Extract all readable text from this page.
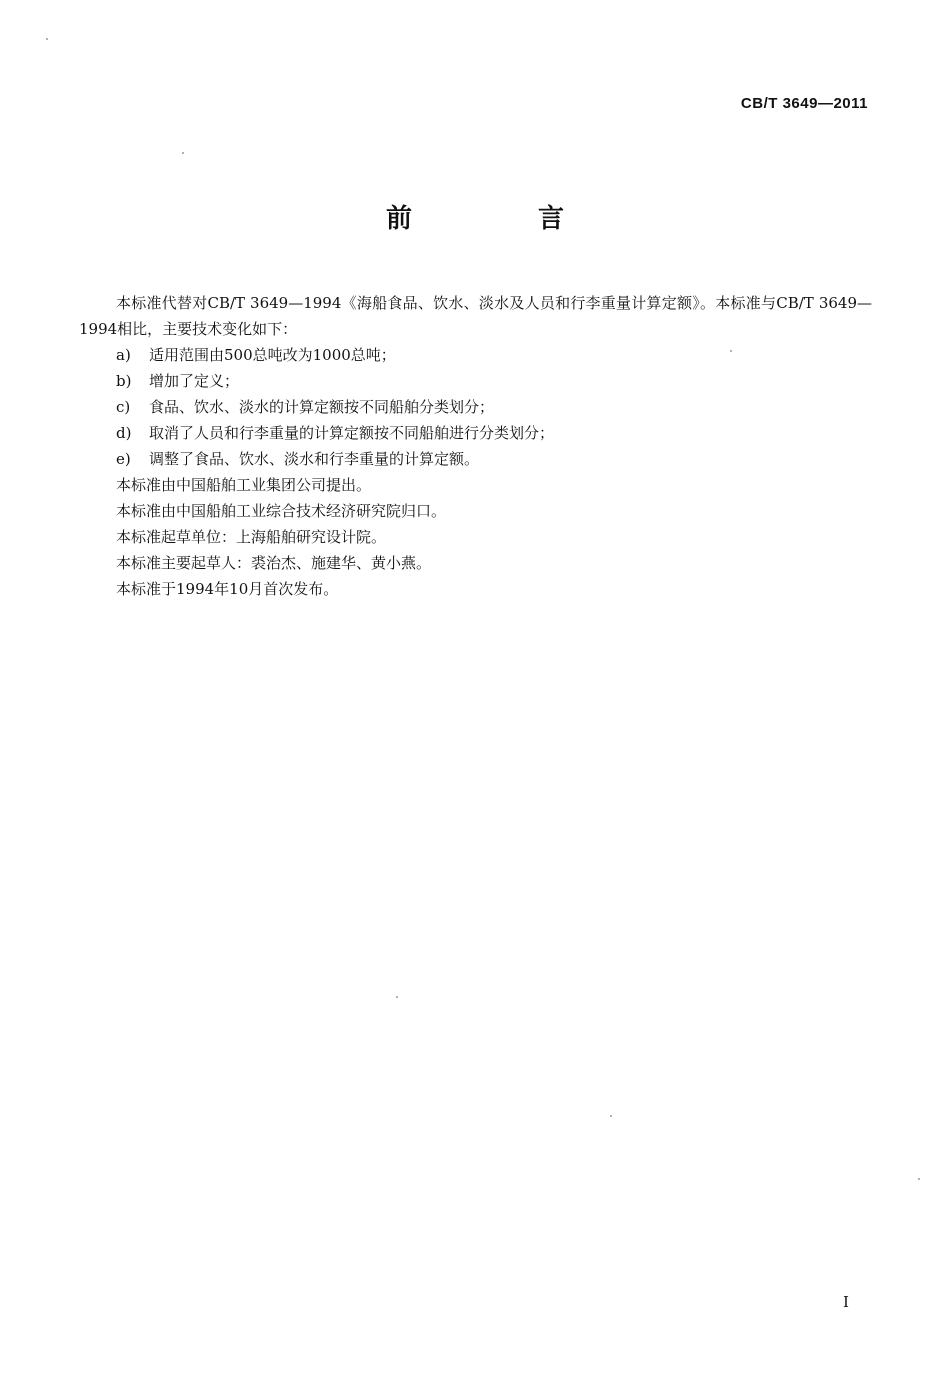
CB/T 3649—2011
前　言

本标准代替对CB/T 3649—1994《海船食品、饮水、淡水及人员和行李重量计算定额》。本标准与CB/T 3649—1994相比，主要技术变化如下：

a)	适用范围由500总吨改为1000总吨；
b)	增加了定义；
c)	食品、饮水、淡水的计算定额按不同船舶分类划分；
d)	取消了人员和行李重量的计算定额按不同船舶进行分类划分；
e)	调整了食品、饮水、淡水和行李重量的计算定额。

本标准由中国船舶工业集团公司提出。

本标准由中国船舶工业综合技术经济研究院归口。

本标准起草单位：上海船舶研究设计院。

本标准主要起草人：裘治杰、施建华、黄小燕。

本标准于1994年10月首次发布。

I
